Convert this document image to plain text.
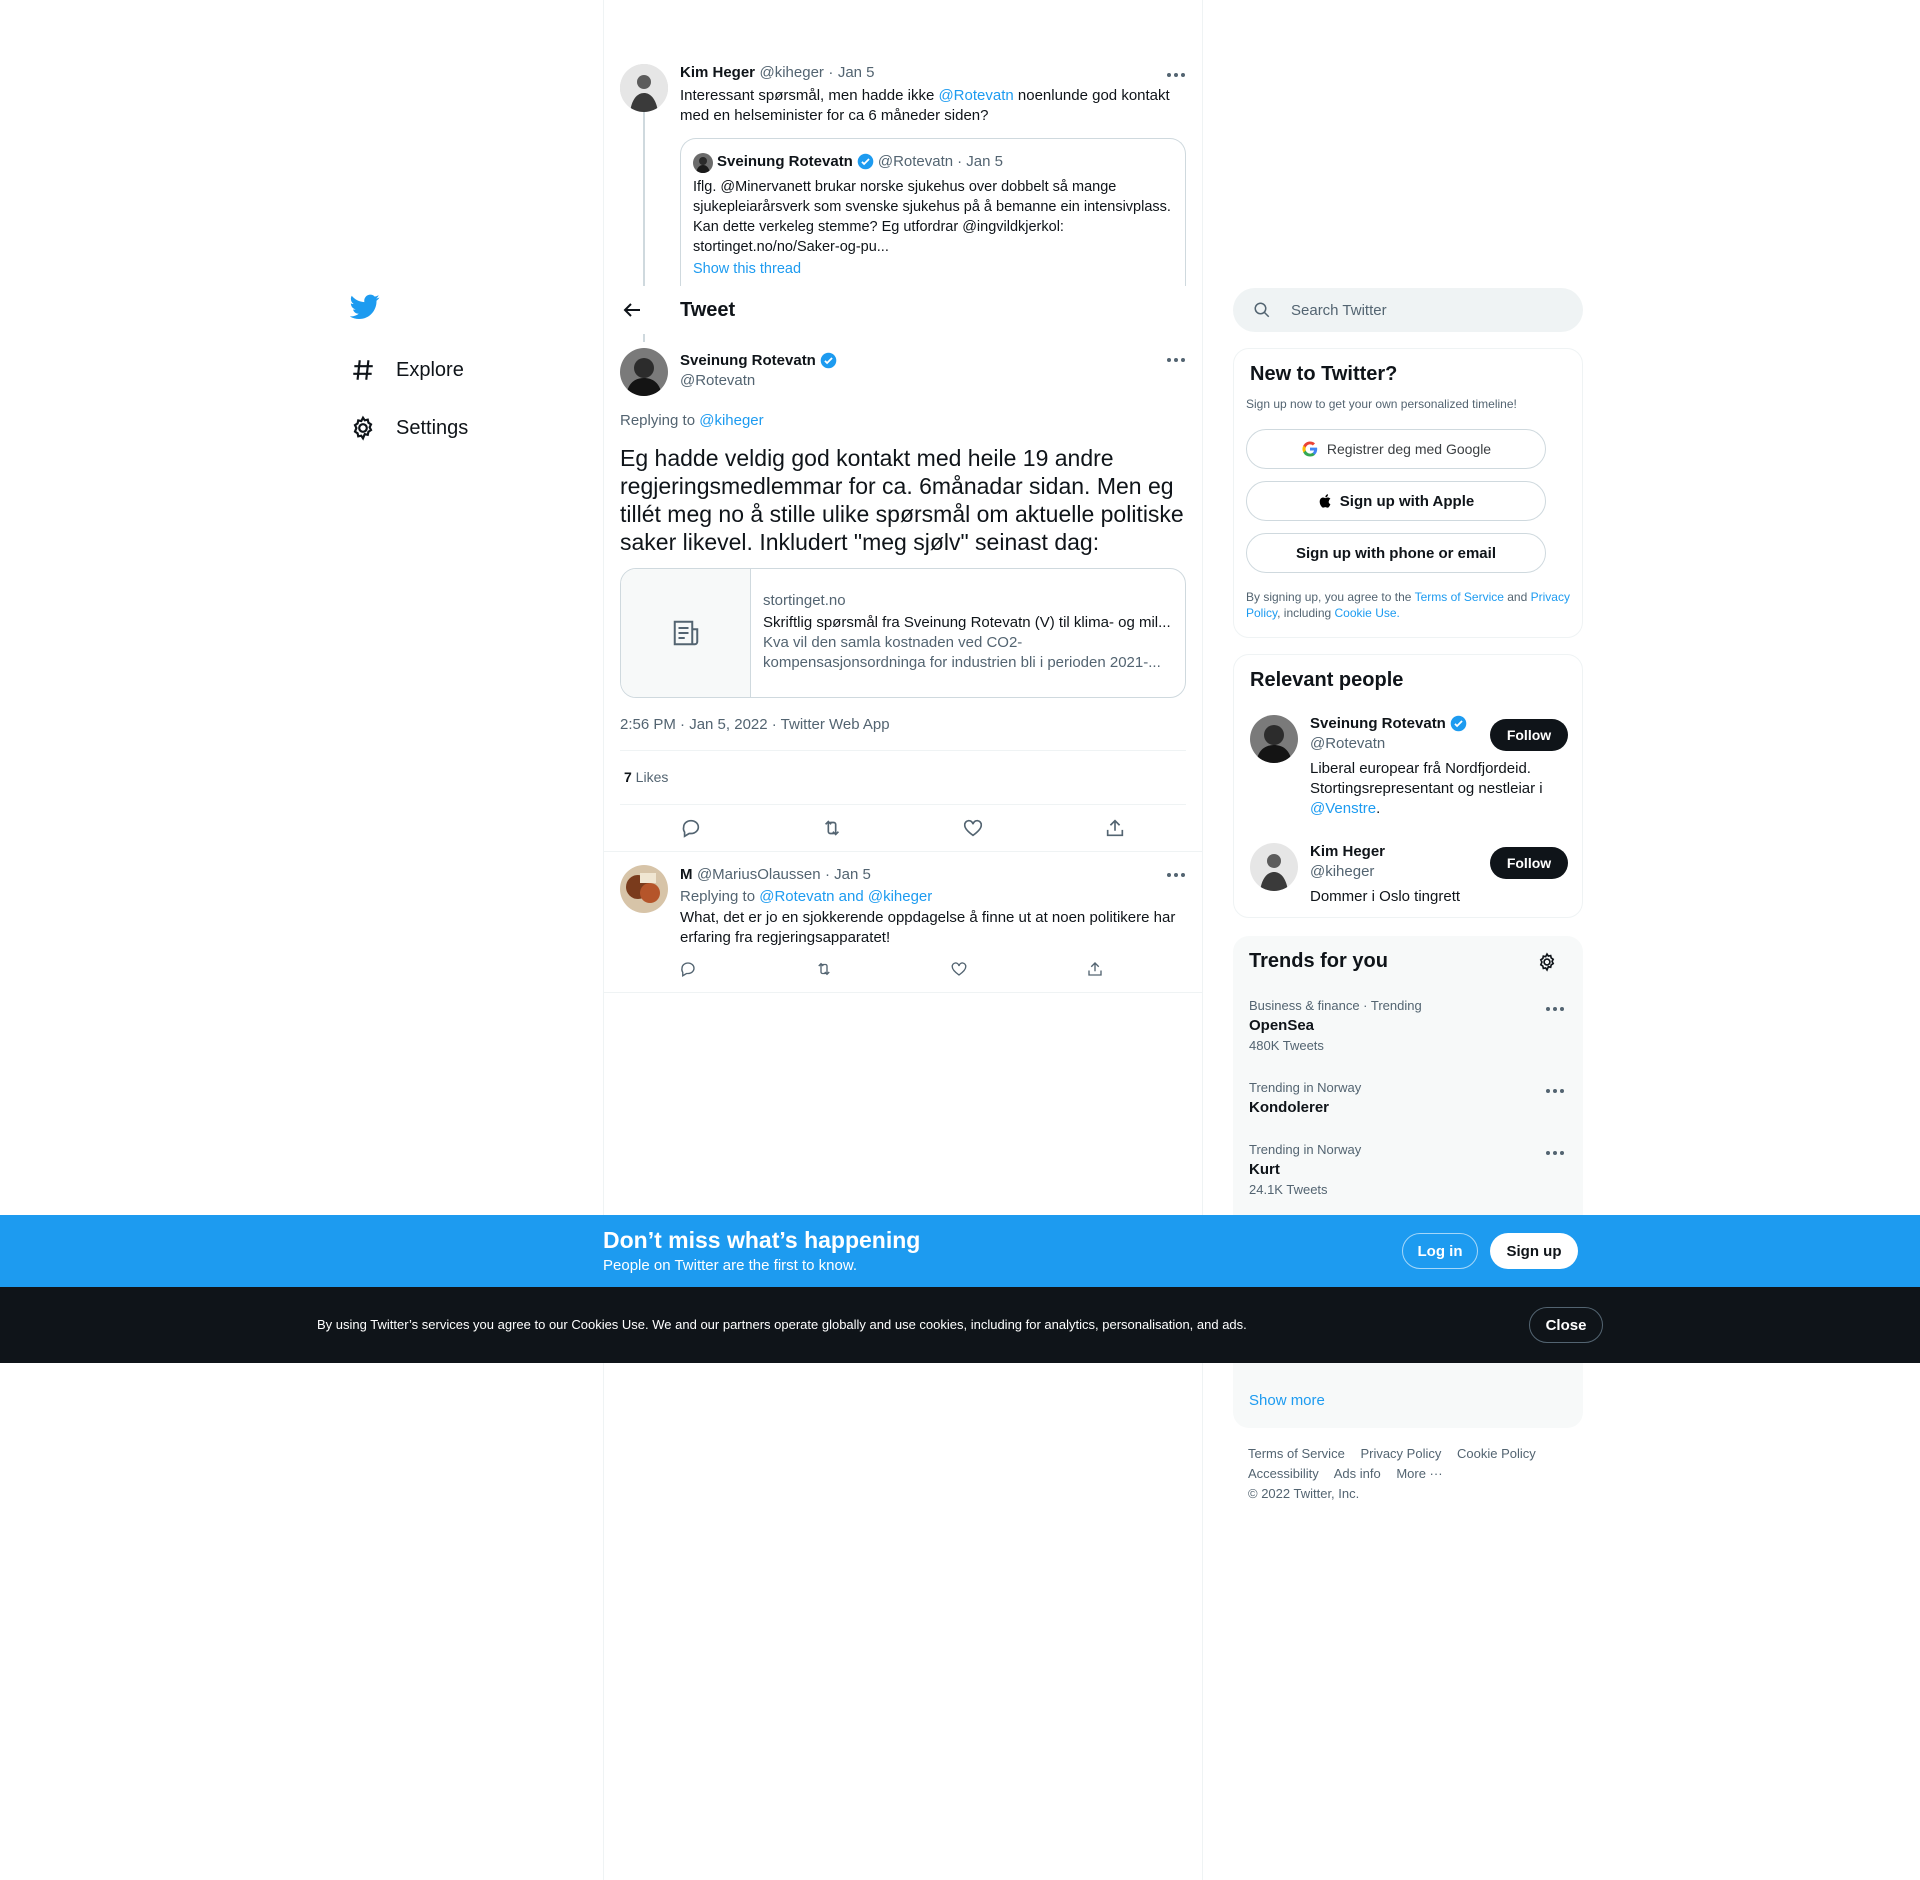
Explore
Settings
Kim Heger @kiheger · Jan 5
Interessant spørsmål, men hadde ikke @Rotevatn noenlunde god kontakt med en helseminister for ca 6 måneder siden?
Sveinung Rotevatn @Rotevatn · Jan 5
Iflg. @Minervanett brukar norske sjukehus over dobbelt så mange sjukepleiarårsverk som svenske sjukehus på å bemanne ein intensivplass. Kan dette verkeleg stemme? Eg utfordrar @ingvildkjerkol: stortinget.no/no/Saker-og-pu...
Show this thread
Tweet
Sveinung Rotevatn
@Rotevatn
Replying to @kiheger
Eg hadde veldig god kontakt med heile 19 andre regjeringsmedlemmar for ca. 6månadar sidan. Men eg tillét meg no å stille ulike spørsmål om aktuelle politiske saker likevel. Inkludert "meg sjølv" seinast dag:
stortinget.no
Skriftlig spørsmål fra Sveinung Rotevatn (V) til klima- og mil...
Kva vil den samla kostnaden ved CO2-kompensasjonsordninga for industrien bli i perioden 2021-...
2:56 PM · Jan 5, 2022 · Twitter Web App
7 Likes
M @MariusOlaussen · Jan 5
Replying to @Rotevatn and @kiheger
What, det er jo en sjokkerende oppdagelse å finne ut at noen politikere har erfaring fra regjeringsapparatet!
Search Twitter
New to Twitter?
Sign up now to get your own personalized timeline!
Registrer deg med Google
Sign up with Apple
Sign up with phone or email
By signing up, you agree to the Terms of Service and Privacy Policy, including Cookie Use.
Relevant people
Sveinung Rotevatn
@Rotevatn	Follow
Liberal europear frå Nordfjordeid. Stortingsrepresentant og nestleiar i @Venstre.
Kim Heger
@kiheger	Follow
Dommer i Oslo tingrett
Trends for you
Business & finance · Trending
OpenSea
480K Tweets
Trending in Norway
Kondolerer
Trending in Norway
Kurt
24.1K Tweets
Show more
Terms of Service Privacy Policy Cookie Policy
Accessibility Ads info More ···
© 2022 Twitter, Inc.
Don’t miss what’s happening
People on Twitter are the first to know.
Log in	Sign up
By using Twitter’s services you agree to our Cookies Use. We and our partners operate globally and use cookies, including for analytics, personalisation, and ads.	Close
